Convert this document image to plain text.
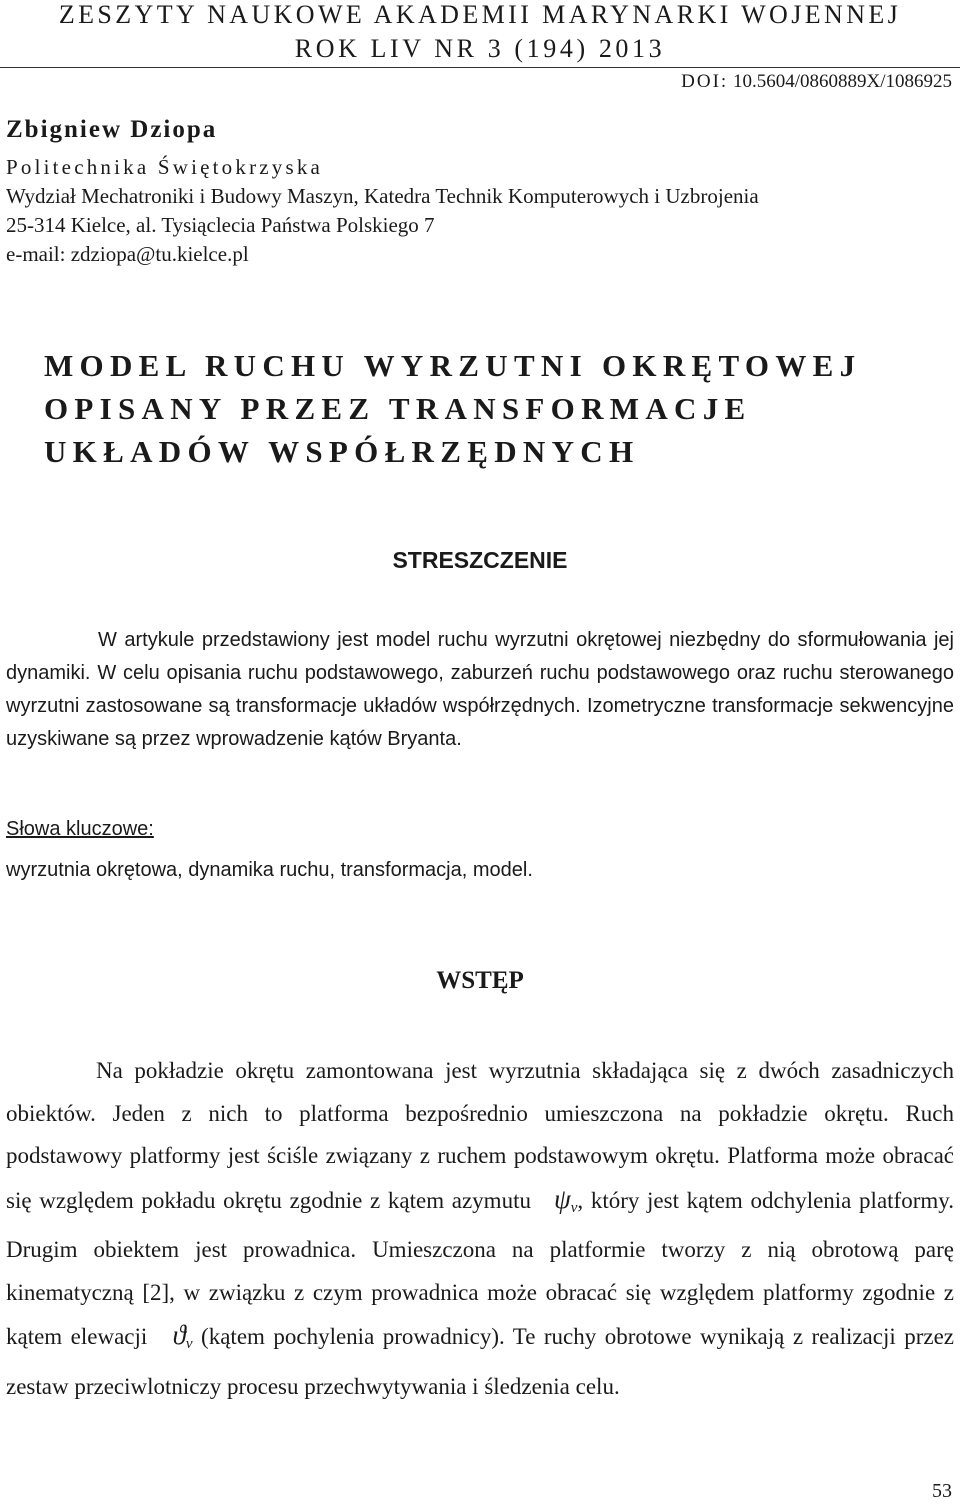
ZESZYTY NAUKOWE AKADEMII MARYNARKI WOJENNEJ
ROK LIV NR 3 (194) 2013
DOI: 10.5604/0860889X/1086925
Zbigniew Dziopa
Politechnika Świętokrzyska
Wydział Mechatroniki i Budowy Maszyn, Katedra Technik Komputerowych i Uzbrojenia
25-314 Kielce, al. Tysiąclecia Państwa Polskiego 7
e-mail: zdziopa@tu.kielce.pl
MODEL RUCHU WYRZUTNI OKRĘTOWEJ
OPISANY PRZEZ TRANSFORMACJE
UKŁADÓW WSPÓŁRZĘDNYCH
STRESZCZENIE
W artykule przedstawiony jest model ruchu wyrzutni okrętowej niezbędny do sformułowania jej dynamiki. W celu opisania ruchu podstawowego, zaburzeń ruchu podstawowego oraz ruchu sterowanego wyrzutni zastosowane są transformacje układów współrzędnych. Izometryczne transformacje sekwencyjne uzyskiwane są przez wprowadzenie kątów Bryanta.
Słowa kluczowe:
wyrzutnia okrętowa, dynamika ruchu, transformacja, model.
WSTĘP
Na pokładzie okrętu zamontowana jest wyrzutnia składająca się z dwóch zasadniczych obiektów. Jeden z nich to platforma bezpośrednio umieszczona na pokładzie okrętu. Ruch podstawowy platformy jest ściśle związany z ruchem podstawowym okrętu. Platforma może obracać się względem pokładu okrętu zgodnie z kątem azymutu $\psi_v$, który jest kątem odchylenia platformy. Drugim obiektem jest prowadnica. Umieszczona na platformie tworzy z nią obrotową parę kinematyczną [2], w związku z czym prowadnica może obracać się względem platformy zgodnie z kątem elewacji $ϑ_v$ (kątem pochylenia prowadnicy). Te ruchy obrotowe wynikają z realizacji przez zestaw przeciwlotniczy procesu przechwytywania i śledzenia celu.
53
